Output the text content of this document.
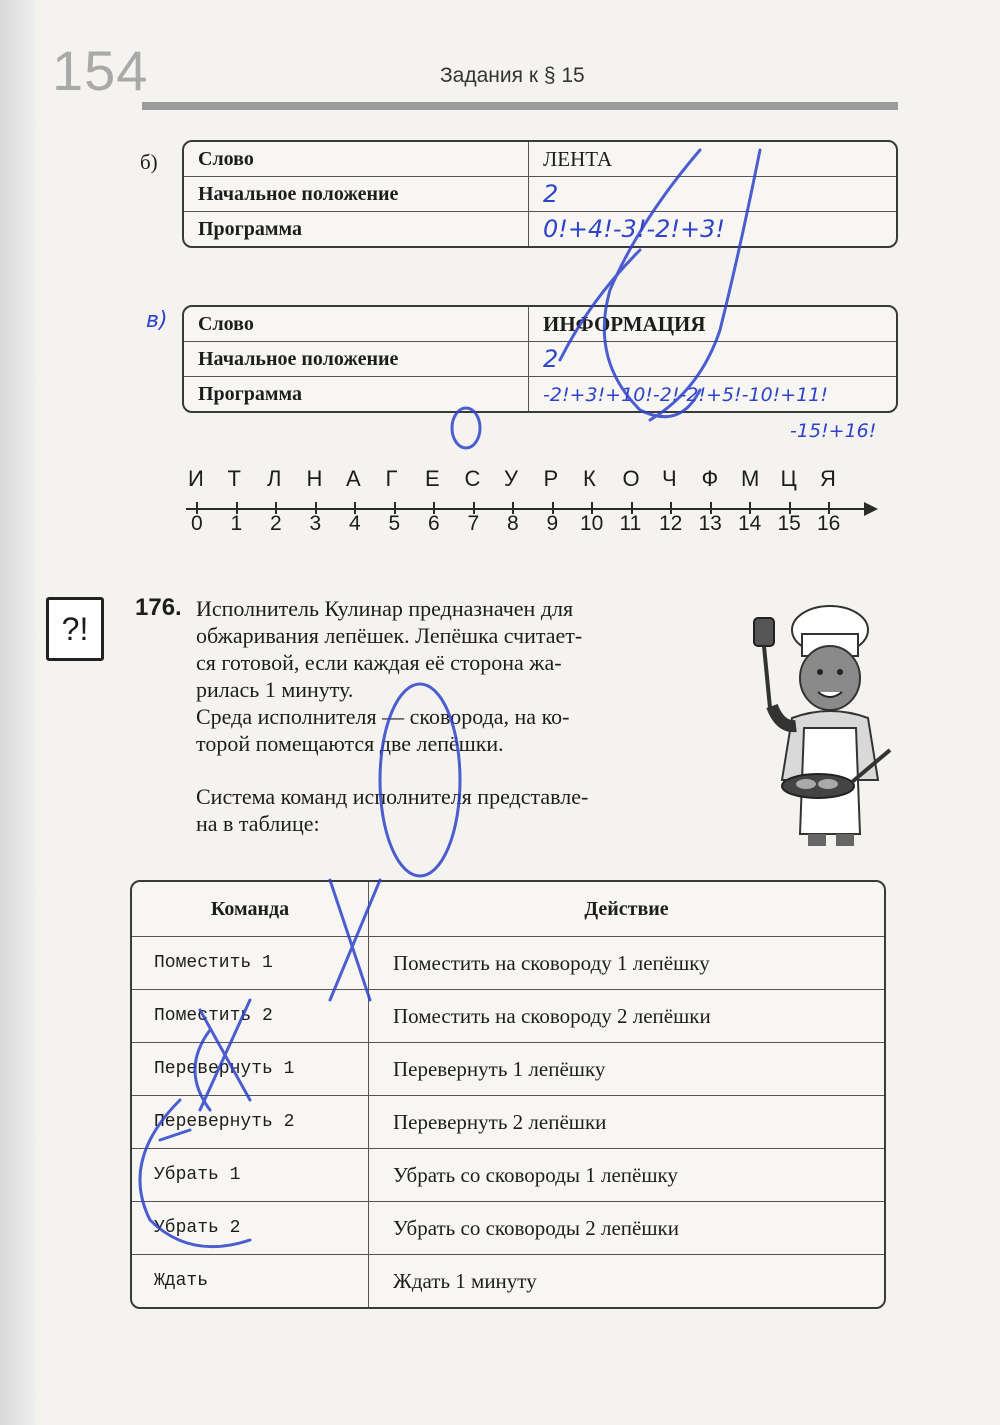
154	Задания к § 15
б) Слово	ЛЕНТА
Начальное положение	2
Программа	0!+4!-3!-2!+3!
в) Слово	ИНФОРМАЦИЯ
Начальное положение	2
Программа	-2!+3!+10!-2!-2!+5!-10!+11!
-15!+16!
И Т Л Н А Г Е С У Р К О Ч Ф М Ц Я
0 1 2 3 4 5 6 7 8 9 10 11 12 13 14 15 16
?!
176. Исполнитель Кулинар предназначен для
обжаривания лепёшек. Лепёшка считает-
ся готовой, если каждая её сторона жа-
рилась 1 минуту.
Среда исполнителя — сковорода, на ко-
торой помещаются две лепёшки.
Система команд исполнителя представле-
на в таблице:
Команда	Действие
Поместить 1	Поместить на сковороду 1 лепёшку
Поместить 2	Поместить на сковороду 2 лепёшки
Перевернуть 1	Перевернуть 1 лепёшку
Перевернуть 2	Перевернуть 2 лепёшки
Убрать 1	Убрать со сковороды 1 лепёшку
Убрать 2	Убрать со сковороды 2 лепёшки
Ждать	Ждать 1 минуту
СПИСОК
